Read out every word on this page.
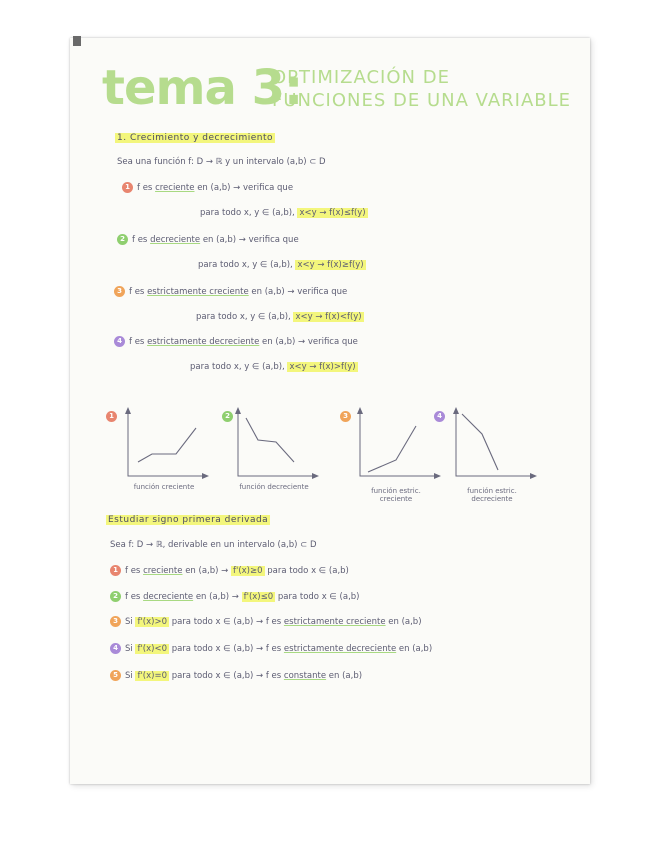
tema 3:
OPTIMIZACIÓN DE
FUNCIONES DE UNA VARIABLE
1. Crecimiento y decrecimiento
Sea una función f: D → ℝ y un intervalo (a,b) ⊂ D
1 f es creciente en (a,b) → verifica que
para todo x, y ∈ (a,b), x<y → f(x)≤f(y)
2 f es decreciente en (a,b) → verifica que
para todo x, y ∈ (a,b), x<y → f(x)≥f(y)
3 f es estrictamente creciente en (a,b) → verifica que
para todo x, y ∈ (a,b), x<y → f(x)<f(y)
4 f es estrictamente decreciente en (a,b) → verifica que
para todo x, y ∈ (a,b), x<y → f(x)>f(y)
1
función creciente
2
función decreciente
3
función estric.
creciente
4
función estric.
decreciente
Estudiar signo primera derivada
Sea f: D → ℝ, derivable en un intervalo (a,b) ⊂ D
1 f es creciente en (a,b) → f'(x)≥0 para todo x ∈ (a,b)
2 f es decreciente en (a,b) → f'(x)≤0 para todo x ∈ (a,b)
3 Si f'(x)>0 para todo x ∈ (a,b) → f es estrictamente creciente en (a,b)
4 Si f'(x)<0 para todo x ∈ (a,b) → f es estrictamente decreciente en (a,b)
5 Si f'(x)=0 para todo x ∈ (a,b) → f es constante en (a,b)
